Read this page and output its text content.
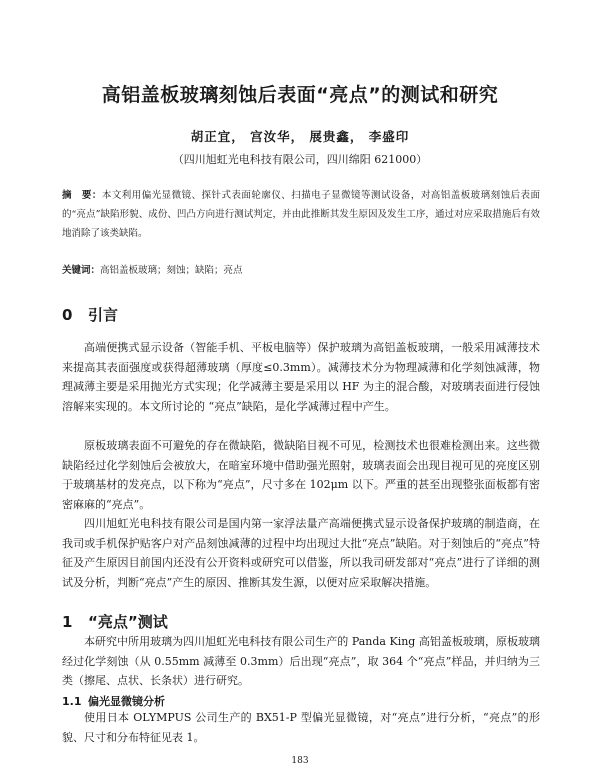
高铝盖板玻璃刻蚀后表面“亮点”的测试和研究
胡正宜， 宫汝华， 展贵鑫， 李盛印
（四川旭虹光电科技有限公司，四川绵阳 621000）
摘　要：本文利用偏光显微镜、探针式表面轮廓仪、扫描电子显微镜等测试设备，对高铝盖板玻璃刻蚀后表面的“亮点”缺陷形貌、成份、凹凸方向进行测试判定，并由此推断其发生原因及发生工序，通过对应采取措施后有效地消除了该类缺陷。
关键词：高铝盖板玻璃；刻蚀；缺陷；亮点
0 引言
高端便携式显示设备（智能手机、平板电脑等）保护玻璃为高铝盖板玻璃，一般采用减薄技术来提高其表面强度或获得超薄玻璃（厚度≤0.3mm）。减薄技术分为物理减薄和化学刻蚀减薄，物理减薄主要是采用抛光方式实现；化学减薄主要是采用以 HF 为主的混合酸，对玻璃表面进行侵蚀溶解来实现的。本文所讨论的 “亮点”缺陷，是化学减薄过程中产生。
原板玻璃表面不可避免的存在微缺陷，微缺陷目视不可见，检测技术也很难检测出来。这些微缺陷经过化学刻蚀后会被放大，在暗室环境中借助强光照射，玻璃表面会出现目视可见的亮度区别于玻璃基材的发亮点，以下称为“亮点”，尺寸多在 102μm 以下。严重的甚至出现整张面板都有密密麻麻的“亮点”。
四川旭虹光电科技有限公司是国内第一家浮法量产高端便携式显示设备保护玻璃的制造商，在我司或手机保护贴客户对产品刻蚀减薄的过程中均出现过大批“亮点”缺陷。对于刻蚀后的“亮点”特征及产生原因目前国内还没有公开资料或研究可以借鉴，所以我司研发部对“亮点”进行了详细的测试及分析，判断“亮点”产生的原因、推断其发生源，以便对应采取解决措施。
1 “亮点”测试
本研究中所用玻璃为四川旭虹光电科技有限公司生产的 Panda King 高铝盖板玻璃，原板玻璃经过化学刻蚀（从 0.55mm 减薄至 0.3mm）后出现“亮点”，取 364 个“亮点”样品，并归纳为三类（擦尾、点状、长条状）进行研究。
1.1 偏光显微镜分析
使用日本 OLYMPUS 公司生产的 BX51-P 型偏光显微镜，对“亮点”进行分析，“亮点”的形貌、尺寸和分布特征见表 1。
183
